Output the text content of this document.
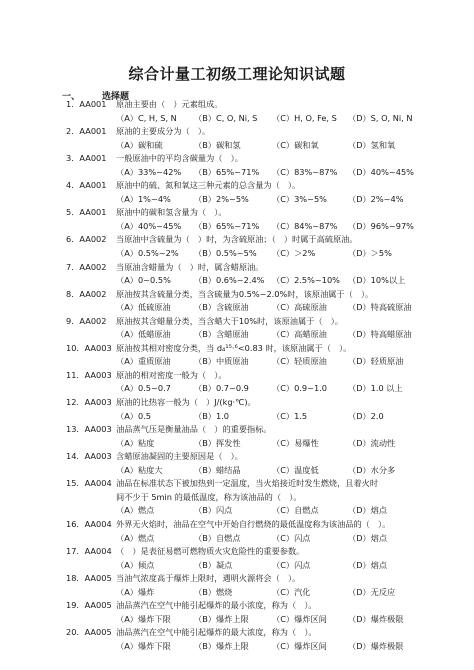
综合计量工初级工理论知识试题
一、 选择题
1．AA001 原油主要由（　）元素组成。
（A）C, H, S, N （B）C, O, Ni, S （C）H, O, Fe, S （D）S, O, Ni, N
2．AA001 原油的主要成分为（　）。
（A）碳和硫	（B）碳和氢	（C）碳和氧	（D）氢和氧
3．AA001 一般原油中的平均含碳量为（　）。
（A）33%~42% （B）65%~71% （C）83%~87% （D）40%~45%
4．AA001 原油中的硫、氮和氧这三种元素的总含量为（　）。
（A）1%~4%	（B）2%~5%	（C）3%~5%	（D）2%~4%
5．AA001 原油中的碳和氢含量为（　）。
（A）40%~45% （B）65%~71% （C）84%~87% （D）96%~97%
6．AA002 当原油中含硫量为（　）时，为含硫原油；（　）时属于高硫原油。
（A）0.5%~2% （B）0.5%~5% （C）＞2%	（D）＞5%
7．AA002 当原油含蜡量为（　）时，属含蜡原油。
（A）0~0.5%	（B）0.6%~2.4% （C）2.5%~10% （D）10%以上
8．AA002 原油按其含硫量分类，当含硫量为0.5%~2.0%时，该原油属于（　）。
（A）低硫原油	（B）含硫原油	（C）高硫原油	（D）特高硫原油
9．AA002 原油按其含蜡量分类，当含蜡大于10%时，该原油属于（　）。
（A）低蜡原油	（B）含蜡原油	（C）高蜡原油	（D）特高蜡原油
10．AA003 原油按其相对密度分类，当 d₄¹⁵·⁶<0.83 时，该原油属于（　）。
（A）重质原油	（B）中质原油	（C）轻质原油	（D）轻质原油
11．AA003 原油的相对密度一般为（　）。
（A）0.5~0.7	（B）0.7~0.9	（C）0.9~1.0	（D）1.0 以上
12．AA003 原油的比热容一般为（　）J/(kg·℃)。
（A）0.5	（B）1.0	（C）1.5	（D）2.0
13．AA003 油品蒸气压是衡量油品（　）的重要指标。
（A）粘度	（B）挥发性	（C）易爆性	（D）流动性
14．AA003 含蜡原油凝固的主要原因是（　）。
（A）粘度大	（B）蜡结晶	（C）温度低	（D）水分多
15．AA004 油品在标准状态下被加热到一定温度，当火焰接近时发生燃烧，且着火时
间不少于 5min 的最低温度，称为该油品的（　）。
（A）燃点	（B）闪点	（C）自燃点	（D）熔点
16．AA004 外界无火焰时，油品在空气中开始自行燃烧的最低温度称为该油品的（　）。
（A）燃点	（B）自燃点	（C）闪点	（D）熔点
17．AA004 （　）是表征易燃可燃物质火灾危险性的重要参数。
（A）倾点	（B）凝点	（C）闪点	（D）熔点
18．AA005 当油气浓度高于爆炸上限时，遇明火源将会（　）。
（A）爆炸	（B）燃烧	（C）汽化	（D）无反应
19．AA005 油品蒸汽在空气中能引起爆炸的最小浓度，称为（　）。
（A）爆炸下限	（B）爆炸上限	（C）爆炸区间	（D）爆炸极限
20．AA005 油品蒸汽在空气中能引起爆炸的最大浓度，称为（　）。
（A）爆炸下限	（B）爆炸上限	（C）爆炸区间	（D）爆炸极限
